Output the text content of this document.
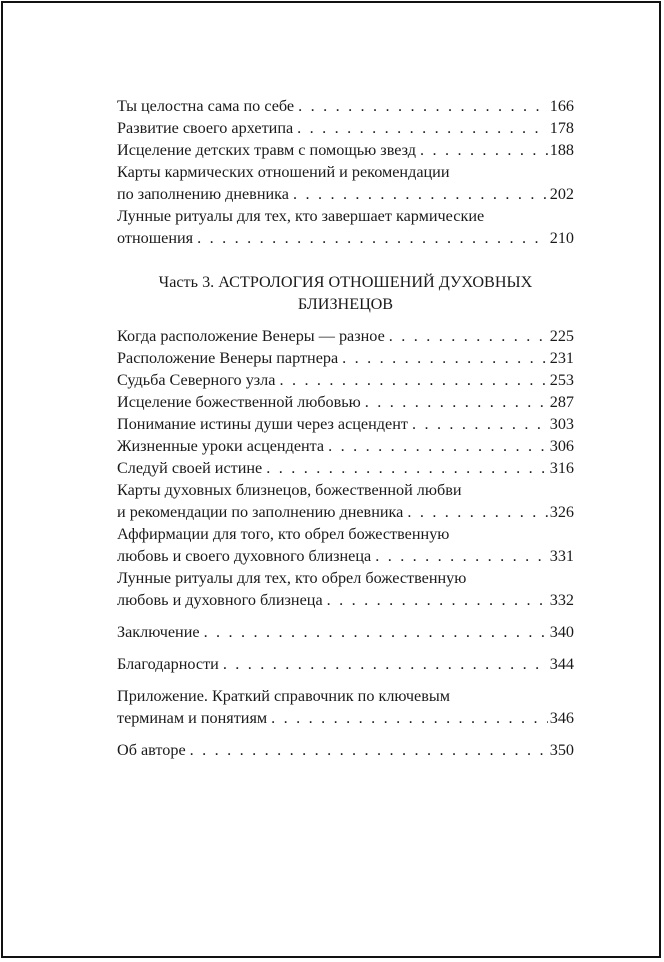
Ты целостна сама по себе . . .	166
Развитие своего архетипа . . .	178
Исцеление детских травм с помощью звезд . . .	188
Карты кармических отношений и рекомендации
по заполнению дневника . . .	202
Лунные ритуалы для тех, кто завершает кармические
отношения . . .	210
Часть 3. АСТРОЛОГИЯ ОТНОШЕНИЙ ДУХОВНЫХ
БЛИЗНЕЦОВ
Когда расположение Венеры — разное . . .	225
Расположение Венеры партнера . . .	231
Судьба Северного узла . . .	253
Исцеление божественной любовью . . .	287
Понимание истины души через асцендент . . .	303
Жизненные уроки асцендента . . .	306
Следуй своей истине . . .	316
Карты духовных близнецов, божественной любви
и рекомендации по заполнению дневника . . .	326
Аффирмации для того, кто обрел божественную
любовь и своего духовного близнеца . . .	331
Лунные ритуалы для тех, кто обрел божественную
любовь и духовного близнеца . . .	332
Заключение . . .	340
Благодарности . . .	344
Приложение. Краткий справочник по ключевым
терминам и понятиям . . .	346
Об авторе . . .	350
